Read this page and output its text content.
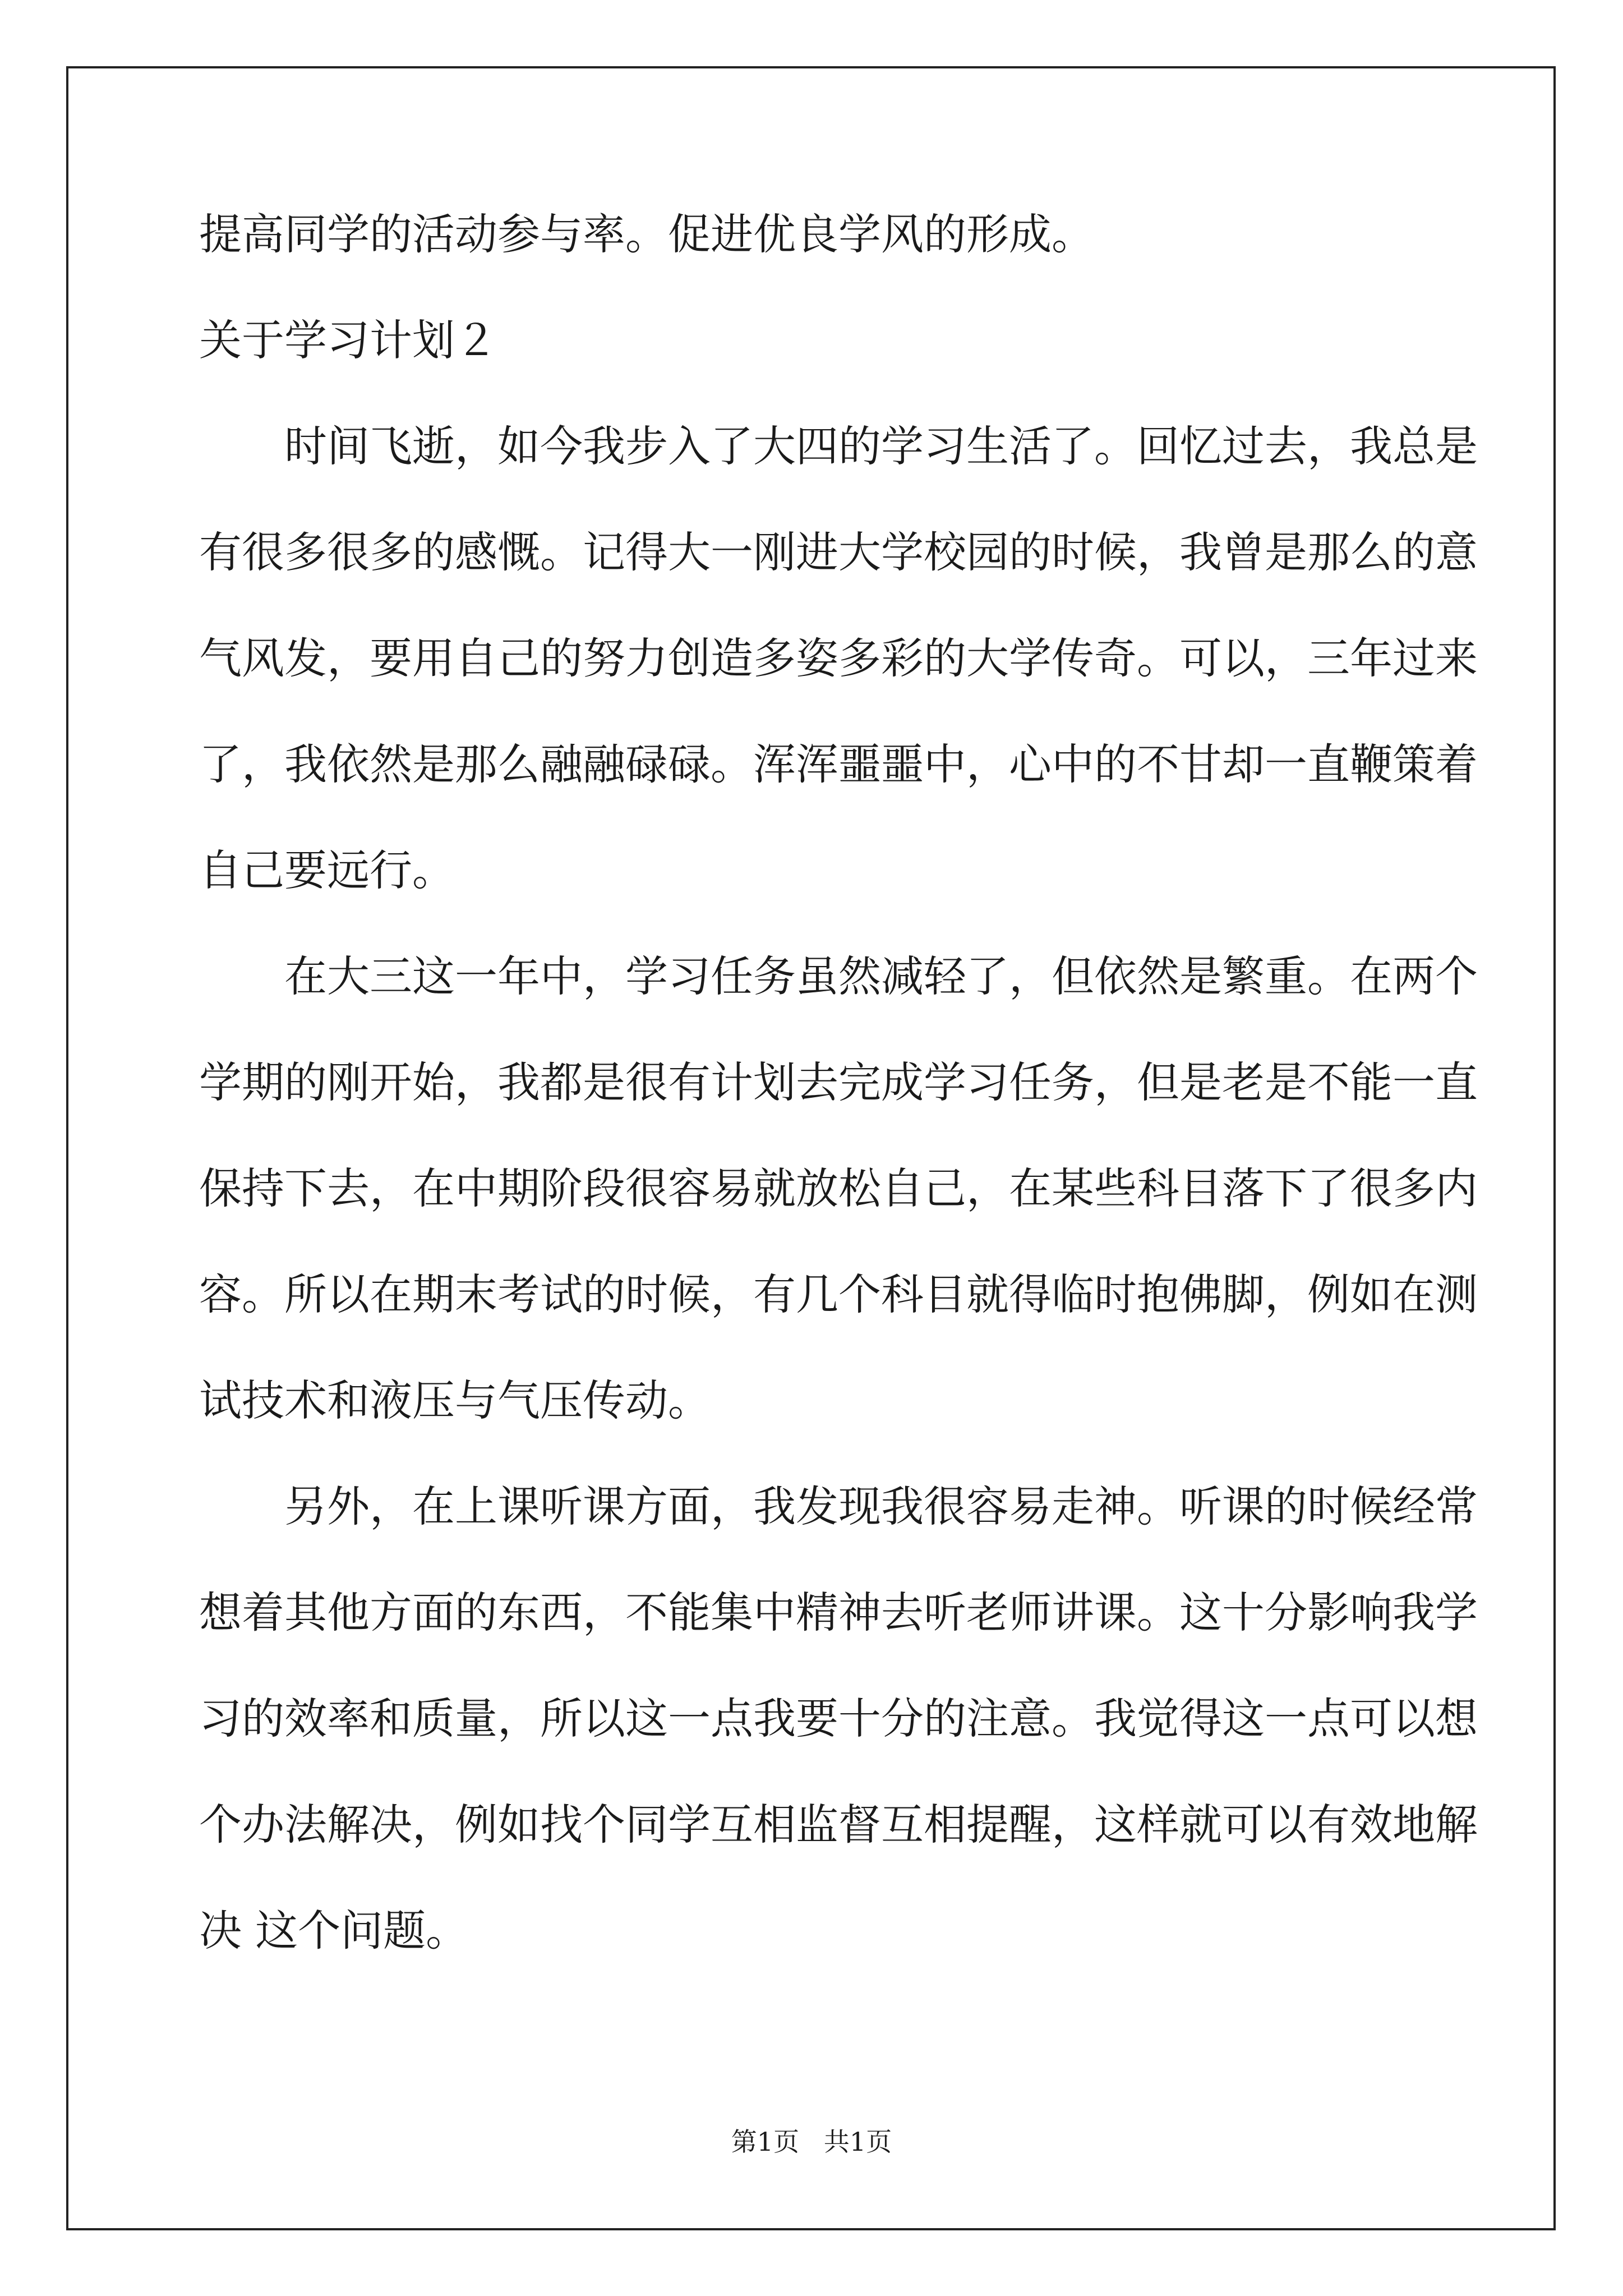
提高同学的活动参与率。促进优良学风的形成。
关于学习计划２
时间飞逝，如今我步入了大四的学习生活了。回忆过去，我总是
有很多很多的感慨。记得大一刚进大学校园的时候，我曾是那么的意
气风发，要用自己的努力创造多姿多彩的大学传奇。可以，三年过来
了，我依然是那么融融碌碌。浑浑噩噩中，心中的不甘却一直鞭策着
自己要远行。
在大三这一年中，学习任务虽然减轻了，但依然是繁重。在两个
学期的刚开始，我都是很有计划去完成学习任务，但是老是不能一直
保持下去，在中期阶段很容易就放松自己，在某些科目落下了很多内
容。所以在期末考试的时候，有几个科目就得临时抱佛脚，例如在测
试技术和液压与气压传动。
另外，在上课听课方面，我发现我很容易走神。听课的时候经常
想着其他方面的东西，不能集中精神去听老师讲课。这十分影响我学
习的效率和质量，所以这一点我要十分的注意。我觉得这一点可以想
个办法解决，例如找个同学互相监督互相提醒，这样就可以有效地解
决 这个问题。
第1页   共1页
